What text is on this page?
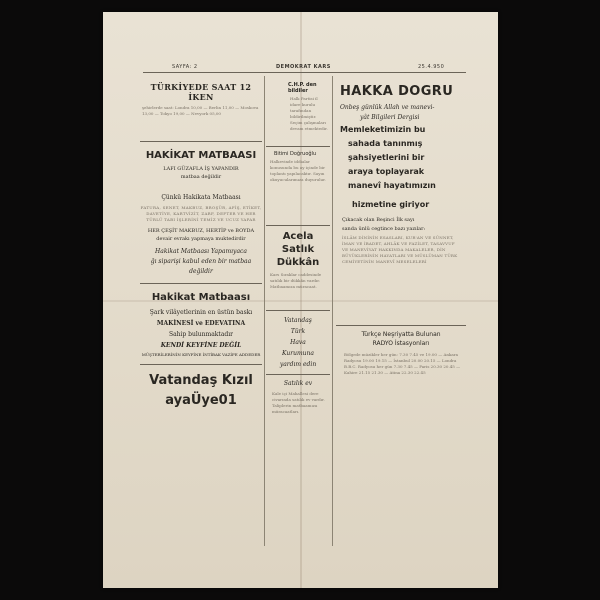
SAYFA: 2	DEMOKRAT KARS	25.4.950
TÜRKİYEDE SAAT 12 İKEN
şehirlerde saat: Londra 10,00 — Berlin 11,00 — Moskova 13,00 — Tokyo 19,00 — Nevyork 05,00
HAKİKAT MATBAASI
LAFI GÜZAFLA İŞ YAPANDIR
matbaa değildir
Çünkü Hakikata Matbaası
FATURA, SENET, MAKBUZ, BROŞÜR, AFİŞ, ETİKET, DAVETİYE, KARTVİZİT, ZARF, DEFTER VE HER TÜRLÜ TABI İŞLERİNİ TEMİZ VE UCUZ YAPAR
HER ÇEŞİT MAKBUZ, HERTİP ve BOYDA
devair evrakı yapmaya muktedirdir
Hakikat Matbaası Yapamıyaca
ğı siparişi kabul eden bir matbaa
değildir
Hakikat Matbaası
Şark vilâyetlerinin en üstün baskı
MAKİNESİ ve EDEVATINA
Sahip bulunmaktadır
KENDİ KEYFİNE DEĞİL
MÜŞTERİLERİNİN KEYFİNE İNTİBAK VAZİFE ADDEDER
Vatandaş Kızıl ayaÜye01
C.H.P. den bildiler
Halk Partisi il idare kurulu tarafından bildirilmiştir. Seçim çalışmaları devam etmektedir.
Bitimi Doğruoğlu
Halkevinde iddialar konusunda bu ay içinde bir toplantı yapılacaktır. Sayın okuyucularımıza duyurulur.
Acela
Satlık
Dükkân
Kars Sıraklar caddesinde satılık bir dükkân vardır. Matbaamıza müracaat.
Vatandaş
Türk
Hava
Kurumuna
yardım edin
Satılık ev
Kale içi Mahallesi dere civarında satılık ev vardır. Taliplerin matbaamıza müracaatları.
HAKKA DOGRU
Onbeş günlük Allah ve manevi-
yât Bilgileri Dergisi
Memleketimizin bu
sahada tanınmış
şahsiyetlerini bir
araya toplayarak
manevî hayatımızın
hizmetine giriyor
Çıkacak olan Beşinci İlk sayı
sanda ünlü cegtince bazı yazılar:
İSLÂM DİNİNİN ESASLARI, KUR'AN VE SÜNNET, İMAN VE İBADET, AHLÂK VE FAZİLET, TASAVVUF VE MANEVİYAT HAKKINDA MAKALELER, DİN BÜYÜKLERİNİN HAYATLARI VE MÜSLÜMAN TÜRK CEMİYETİNİN MANEVÎ MESELELERİ
Türkçe Neşriyatta Bulunan
RADYO İstasyonları
Bölgede müzikler her gün: 7.30 7.45 ve 19.00 — Ankara Radyosu 19.00 19.15 — İstanbul 20.00 20.15 — Londra B.B.C. Radyosu her gün 7.30 7.45 — Paris 20.30 20.45 — Kahire 21.15 21.30 — Atina 22.30 22.45
